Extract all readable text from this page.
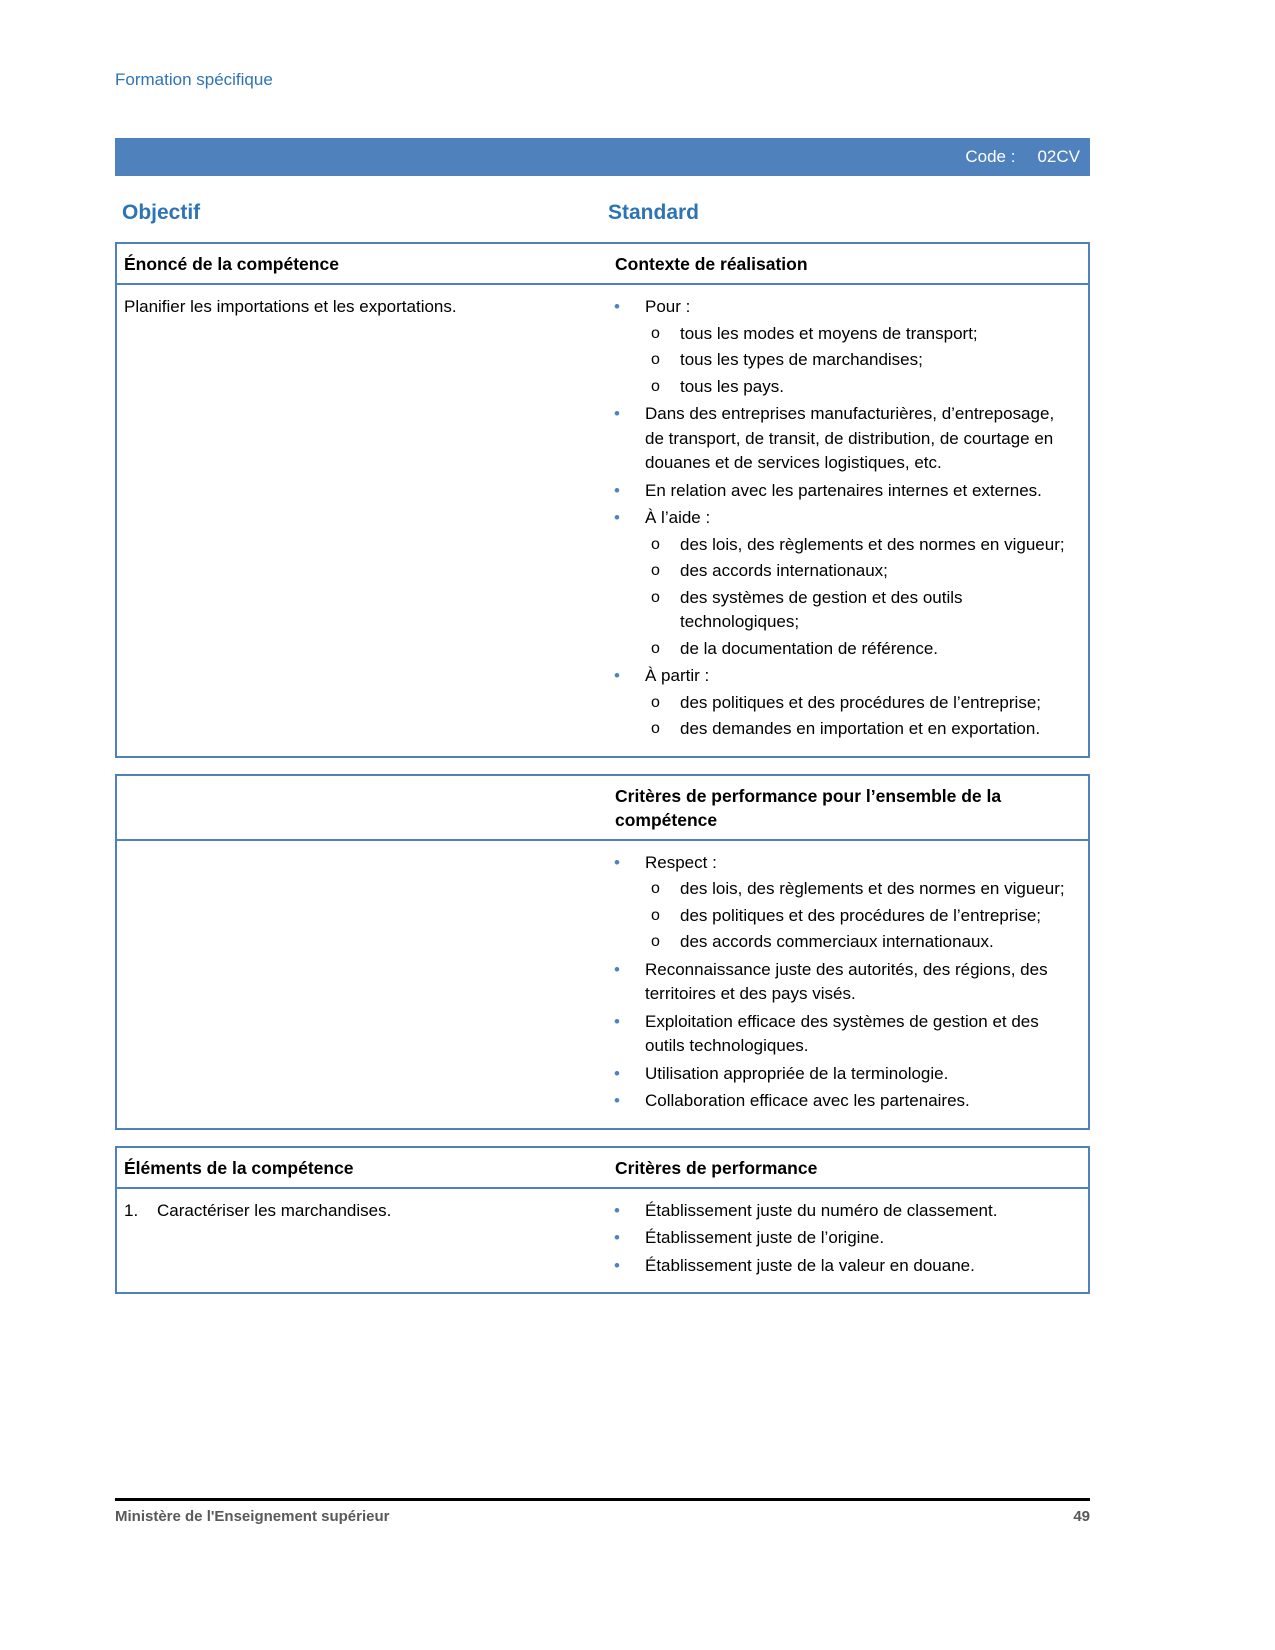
Formation spécifique
Code : 02CV
Objectif	Standard
Énoncé de la compétence	Contexte de réalisation
Planifier les importations et les exportations.	•	Pour :
o	tous les modes et moyens de transport;
o	tous les types de marchandises;
o	tous les pays.
•	Dans des entreprises manufacturières, d’entreposage, de transport, de transit, de distribution, de courtage en douanes et de services logistiques, etc.
•	En relation avec les partenaires internes et externes.
•	À l’aide :
o	des lois, des règlements et des normes en vigueur;
o	des accords internationaux;
o	des systèmes de gestion et des outils technologiques;
o	de la documentation de référence.
•	À partir :
o	des politiques et des procédures de l’entreprise;
o	des demandes en importation et en exportation.
Critères de performance pour l’ensemble de la compétence
•	Respect :
o	des lois, des règlements et des normes en vigueur;
o	des politiques et des procédures de l’entreprise;
o	des accords commerciaux internationaux.
•	Reconnaissance juste des autorités, des régions, des territoires et des pays visés.
•	Exploitation efficace des systèmes de gestion et des outils technologiques.
•	Utilisation appropriée de la terminologie.
•	Collaboration efficace avec les partenaires.
Éléments de la compétence	Critères de performance
1.	Caractériser les marchandises.	•	Établissement juste du numéro de classement.
•	Établissement juste de l’origine.
•	Établissement juste de la valeur en douane.
Ministère de l'Enseignement supérieur	49
